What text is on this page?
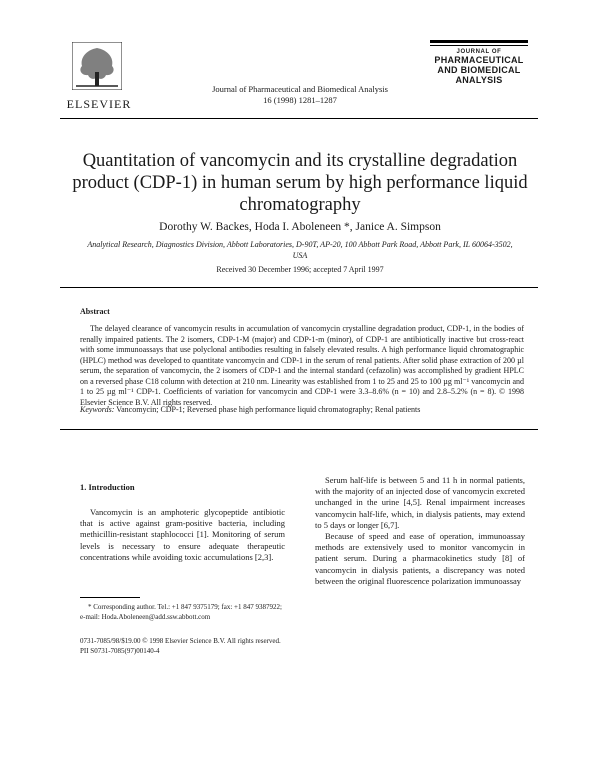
ELSEVIER
Journal of Pharmaceutical and Biomedical Analysis
16 (1998) 1281–1287
JOURNAL OF
PHARMACEUTICAL
AND BIOMEDICAL
ANALYSIS
Quantitation of vancomycin and its crystalline degradation product (CDP-1) in human serum by high performance liquid chromatography
Dorothy W. Backes, Hoda I. Aboleneen *, Janice A. Simpson
Analytical Research, Diagnostics Division, Abbott Laboratories, D-90T, AP-20, 100 Abbott Park Road, Abbott Park, IL 60064-3502, USA
Received 30 December 1996; accepted 7 April 1997
Abstract
The delayed clearance of vancomycin results in accumulation of vancomycin crystalline degradation product, CDP-1, in the bodies of renally impaired patients. The 2 isomers, CDP-1-M (major) and CDP-1-m (minor), of CDP-1 are antibiotically inactive but cross-react with some immunoassays that use polyclonal antibodies resulting in falsely elevated results. A high performance liquid chromatographic (HPLC) method was developed to quantitate vancomycin and CDP-1 in the serum of renal patients. After solid phase extraction of 200 µl serum, the separation of vancomycin, the 2 isomers of CDP-1 and the internal standard (cefazolin) was accomplished by gradient HPLC on a reversed phase C18 column with detection at 210 nm. Linearity was established from 1 to 25 and 25 to 100 µg ml⁻¹ vancomycin and 1 to 25 µg ml⁻¹ CDP-1. Coefficients of variation for vancomycin and CDP-1 were 3.3–8.6% (n = 10) and 2.8–5.2% (n = 8). © 1998 Elsevier Science B.V. All rights reserved.
Keywords: Vancomycin; CDP-1; Reversed phase high performance liquid chromatography; Renal patients
1. Introduction

Vancomycin is an amphoteric glycopeptide antibiotic that is active against gram-positive bacteria, including methicillin-resistant staphlococci [1]. Monitoring of serum levels is necessary to ensure adequate therapeutic concentrations while avoiding toxic accumulations [2,3].

* Corresponding author. Tel.: +1 847 9375179; fax: +1 847 9387922; e-mail: Hoda.Aboleneen@add.ssw.abbott.com
0731-7085/98/$19.00 © 1998 Elsevier Science B.V. All rights reserved.
PII S0731-7085(97)00140-4

Serum half-life is between 5 and 11 h in normal patients, with the majority of an injected dose of vancomycin excreted unchanged in the urine [4,5]. Renal impairment increases vancomycin half-life, which, in dialysis patients, may extend to 5 days or longer [6,7].

Because of speed and ease of operation, immunoassay methods are extensively used to monitor vancomycin in patient serum. During a pharmacokinetics study [8] of vancomycin in dialysis patients, a discrepancy was noted between the original fluorescence polarization immunoassay
